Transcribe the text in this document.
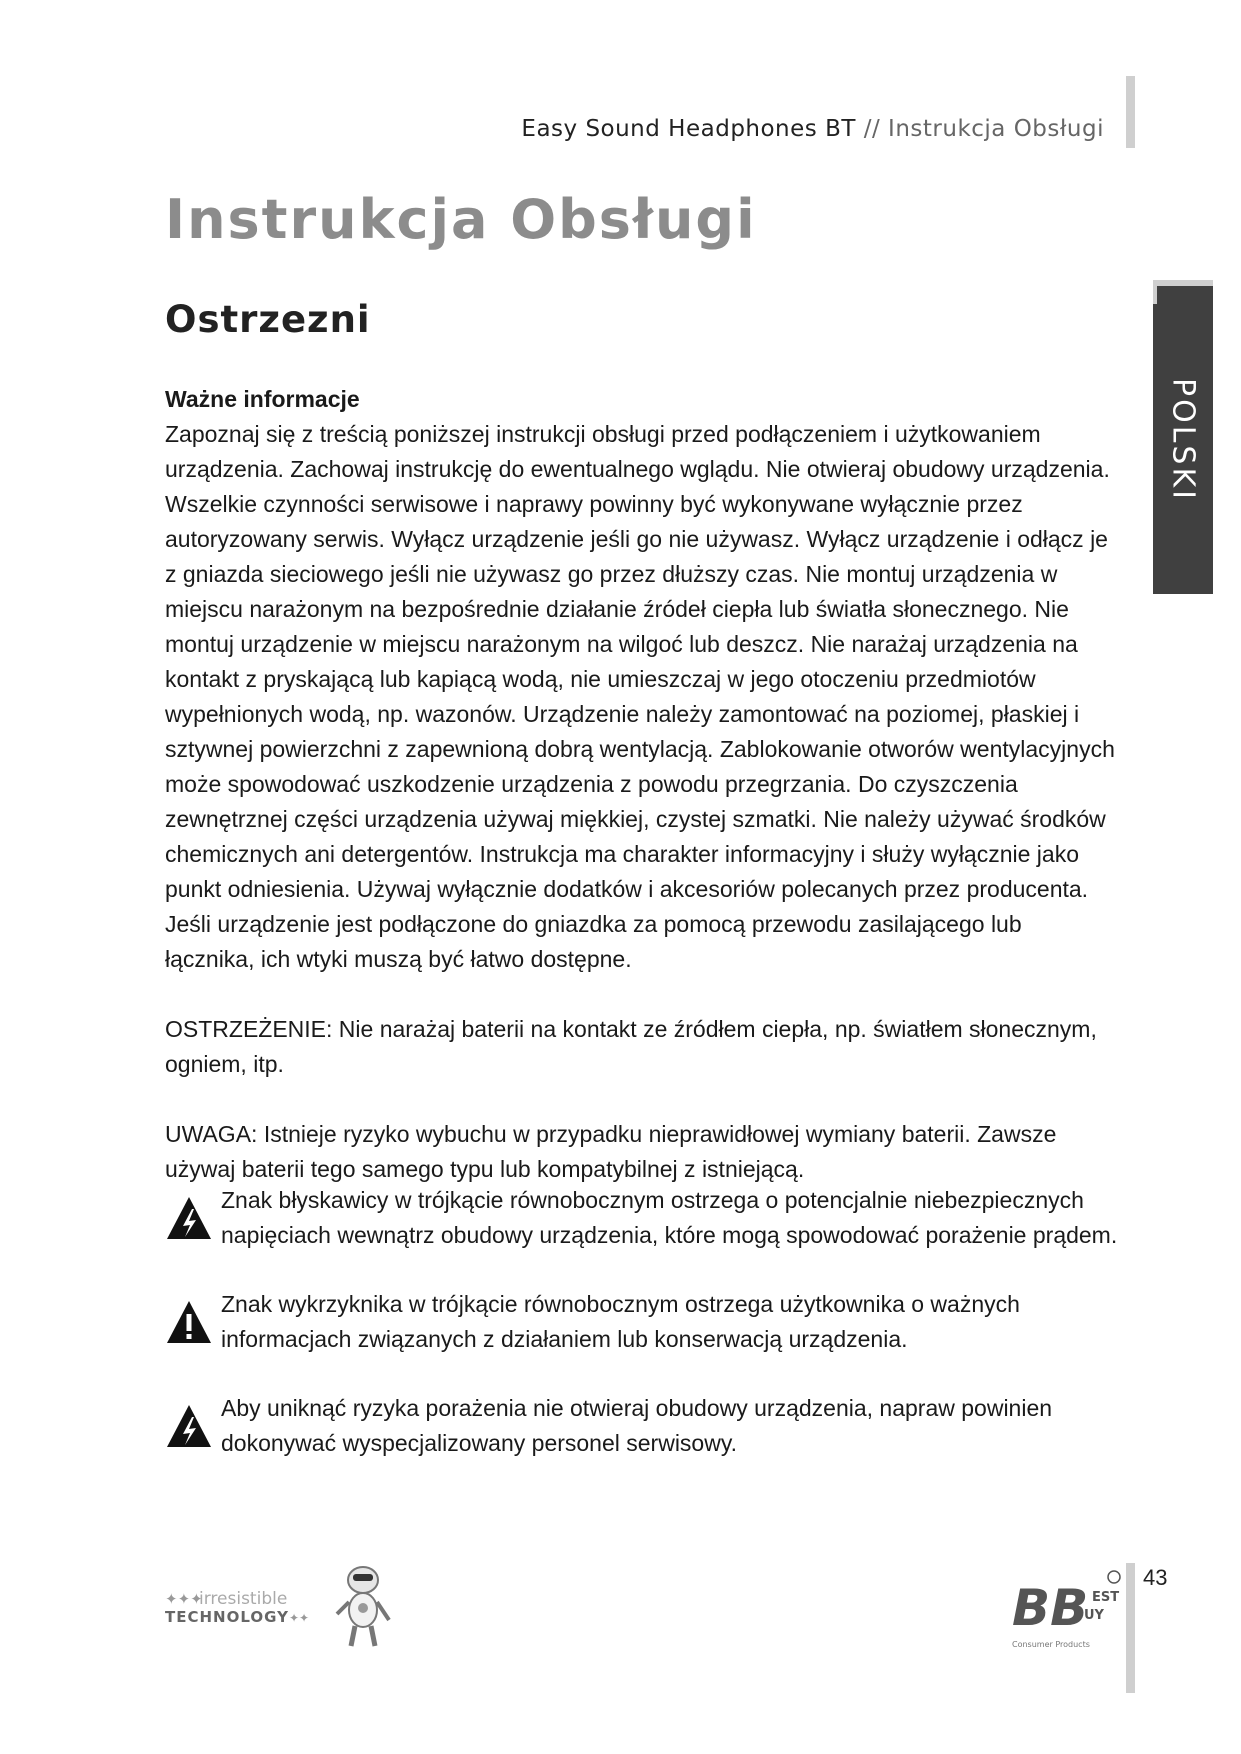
Easy Sound Headphones BT // Instrukcja Obsługi
Instrukcja Obsługi
Ostrzezni
POLSKI

Ważne informacje

Zapoznaj się z treścią poniższej instrukcji obsługi przed podłączeniem i użytkowaniem urządzenia. Zachowaj instrukcję do ewentualnego wglądu. Nie otwieraj obudowy urządzenia. Wszelkie czynności serwisowe i naprawy powinny być wykonywane wyłącznie przez autoryzowany serwis. Wyłącz urządzenie jeśli go nie używasz. Wyłącz urządzenie i odłącz je z gniazda sieciowego jeśli nie używasz go przez dłuższy czas. Nie montuj urządzenia w miejscu narażonym na bezpośrednie działanie źródeł ciepła lub światła słonecznego. Nie montuj urządzenie w miejscu narażonym na wilgoć lub deszcz. Nie narażaj urządzenia na kontakt z pryskającą lub kapiącą wodą, nie umieszczaj w jego otoczeniu przedmiotów wypełnionych wodą, np. wazonów. Urządzenie należy zamontować na poziomej, płaskiej i sztywnej powierzchni z zapewnioną dobrą wentylacją. Zablokowanie otworów wentylacyjnych może spowodować uszkodzenie urządzenia z powodu przegrzania. Do czyszczenia zewnętrznej części urządzenia używaj miękkiej, czystej szmatki. Nie należy używać środków chemicznych ani detergentów. Instrukcja ma charakter informacyjny i służy wyłącznie jako punkt odniesienia. Używaj wyłącznie dodatków i akcesoriów polecanych przez producenta. Jeśli urządzenie jest podłączone do gniazdka za pomocą przewodu zasilającego lub łącznika, ich wtyki muszą być łatwo dostępne.

OSTRZEŻENIE: Nie narażaj baterii na kontakt ze źródłem ciepła, np. światłem słonecznym, ogniem, itp.

UWAGA: Istnieje ryzyko wybuchu w przypadku nieprawidłowej wymiany baterii. Zawsze używaj baterii tego samego typu lub kompatybilnej z istniejącą.

Znak błyskawicy w trójkącie równobocznym ostrzega o potencjalnie niebezpiecznych napięciach wewnątrz obudowy urządzenia, które mogą spowodować porażenie prądem.
Znak wykrzyknika w trójkącie równobocznym ostrzega użytkownika o ważnych informacjach związanych z działaniem lub konserwacją urządzenia.
Aby uniknąć ryzyka porażenia nie otwieraj obudowy urządzenia, napraw powinien dokonywać wyspecjalizowany personel serwisowy.
✦✦✦
irresistible
TECHNOLOGY ✦✦	BB EST
UY
Consumer Products
43
